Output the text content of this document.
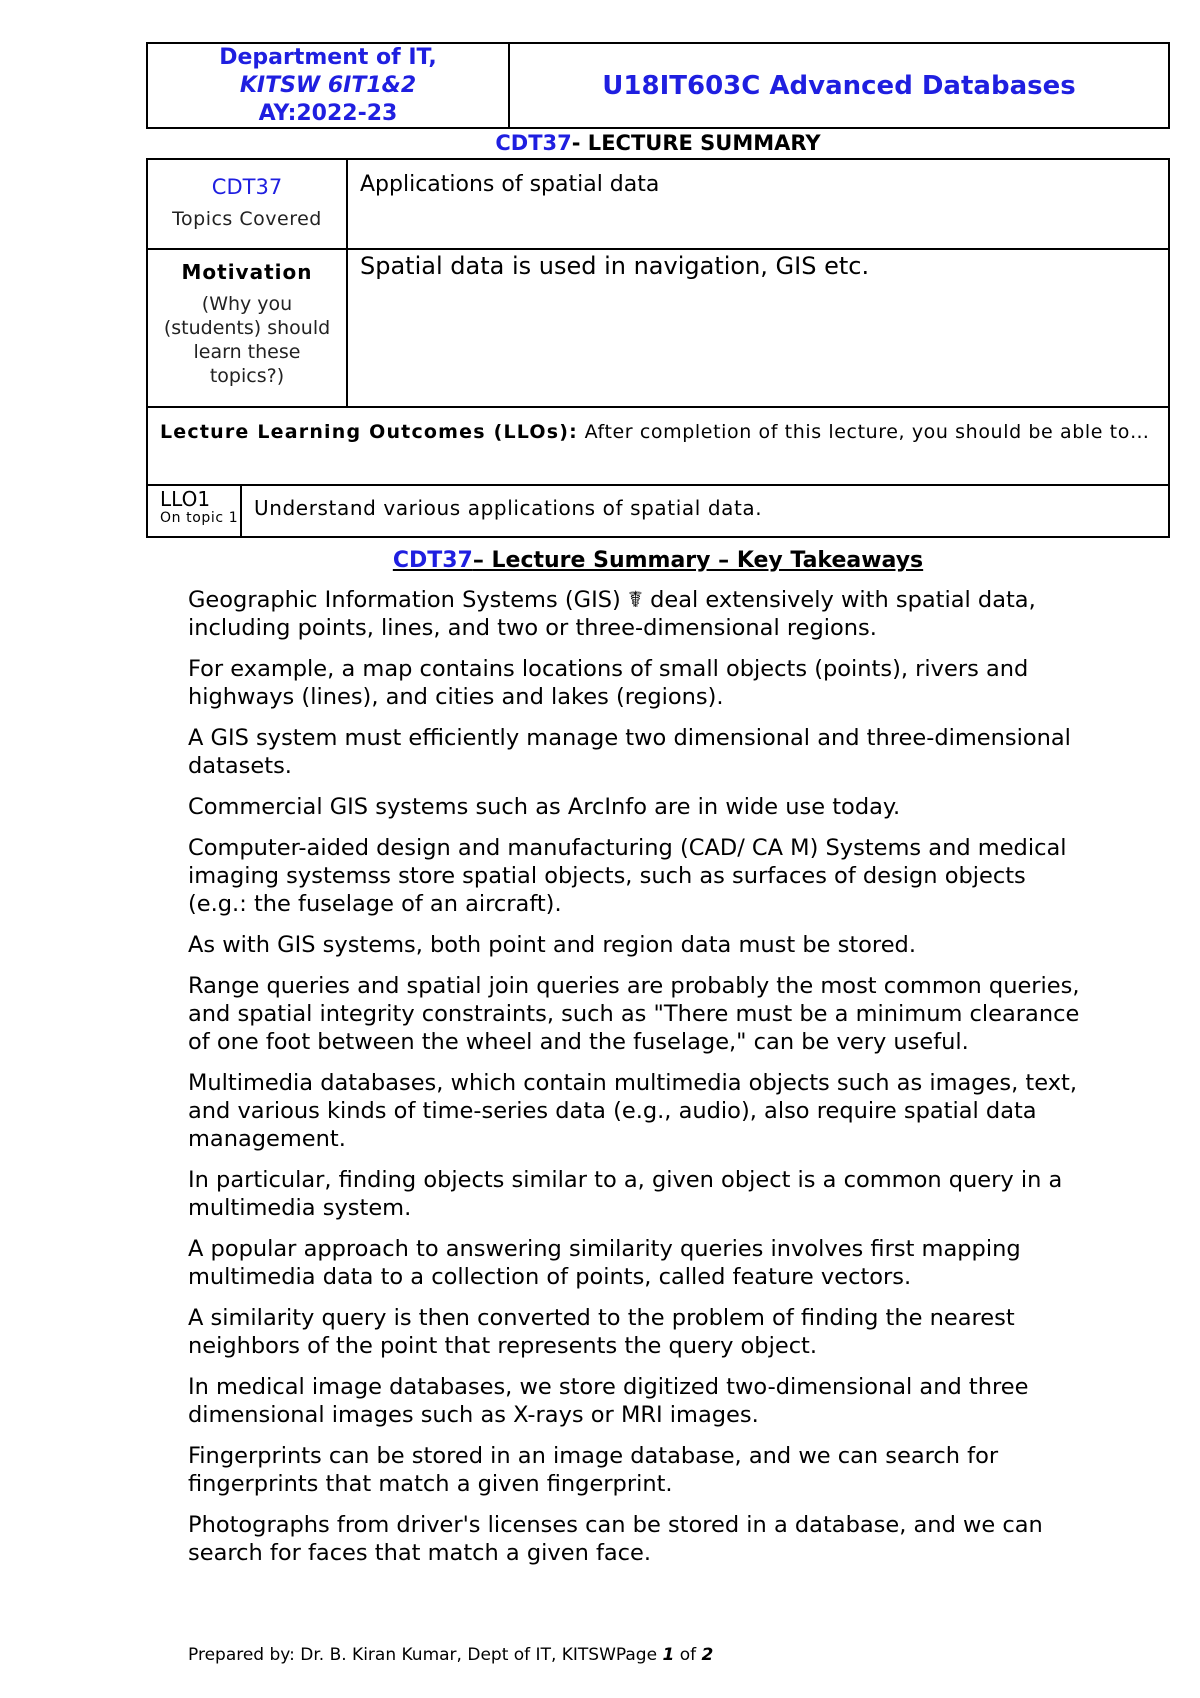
Department of IT,
KITSW 6IT1&2
AY:2022-23
U18IT603C Advanced Databases
CDT37- LECTURE SUMMARY
CDT37
Topics Covered
Applications of spatial data
Motivation
(Why you (students) should learn these topics?)
Spatial data is used in navigation, GIS etc.
Lecture Learning Outcomes (LLOs): After completion of this lecture, you should be able to…
LLO1
On topic 1 Understand various applications of spatial data.
CDT37– Lecture Summary – Key Takeaways
Geographic Information Systems (GIS) ☤ deal extensively with spatial data, including points, lines, and two or three-dimensional regions.
For example, a map contains locations of small objects (points), rivers and highways (lines), and cities and lakes (regions).
A GIS system must efficiently manage two dimensional and three-dimensional datasets.
Commercial GIS systems such as ArcInfo are in wide use today.
Computer-aided design and manufacturing (CAD/ CA M) Systems and medical imaging systemss store spatial objects, such as surfaces of design objects (e.g.: the fuselage of an aircraft).
As with GIS systems, both point and region data must be stored.
Range queries and spatial join queries are probably the most common queries, and spatial integrity constraints, such as "There must be a minimum clearance of one foot between the wheel and the fuselage," can be very useful.
Multimedia databases, which contain multimedia objects such as images, text, and various kinds of time-series data (e.g., audio), also require spatial data management.
In particular, finding objects similar to a, given object is a common query in a multimedia system.
A popular approach to answering similarity queries involves first mapping multimedia data to a collection of points, called feature vectors.
A similarity query is then converted to the problem of finding the nearest neighbors of the point that represents the query object.
In medical image databases, we store digitized two-dimensional and three dimensional images such as X-rays or MRI images.
Fingerprints can be stored in an image database, and we can search for fingerprints that match a given fingerprint.
Photographs from driver's licenses can be stored in a database, and we can search for faces that match a given face.
Prepared by: Dr. B. Kiran Kumar, Dept of IT, KITSWPage 1 of 2
